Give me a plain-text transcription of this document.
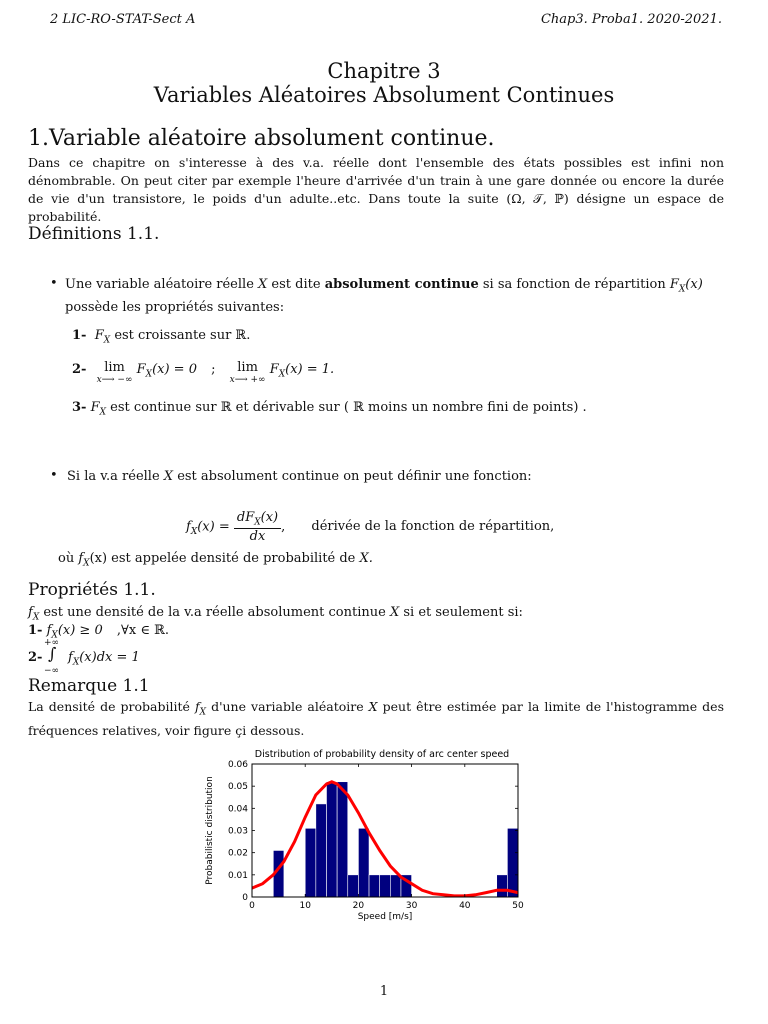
2 LIC-RO-STAT-Sect A	Chap3. Proba1. 2020-2021.
Chapitre 3
Variables Aléatoires Absolument Continues
1.Variable aléatoire absolument continue.
Dans ce chapitre on s'interesse à des v.a. réelle dont l'ensemble des états possibles est infini non dénombrable. On peut citer par exemple l'heure d'arrivée d'un train à une gare donnée ou encore la durée de vie d'un transistore, le poids d'un adulte..etc. Dans toute la suite (Ω, 𝒯, ℙ) désigne un espace de probabilité.
Définitions 1.1.
• Une variable aléatoire réelle X est dite absolument continue si sa fonction de répartition $F_X(x)$
possède les propriétés suivantes:
1- $F_X$ est croissante sur ℝ.
2- lim
x⟶ −∞
$F_X(x) = 0$ ; lim
x⟶ +∞
$F_X(x) = 1$.
3- $F_X$ est continue sur ℝ et dérivable sur ( ℝ moins un nombre fini de points) .
• Si la v.a réelle X est absolument continue on peut définir une fonction:
$f_X(x) = \frac{dF_X(x)}{dx}$ , dérivée de la fonction de répartition,
où $f_X(x)$ est appelée densité de probabilité de X.
Propriétés 1.1.
$f_X$ est une densité de la v.a réelle absolument continue X si et seulement si:
1- $f_X(x) \ge 0$ ,∀x ∈ ℝ.
2-
+∞
∫
−∞
$f_X(x)dx = 1$
Remarque 1.1
La densité de probabilité $f_X$ d'une variable aléatoire X peut être estimée par la limite de l'histogramme des fréquences relatives, voir figure çi dessous.
Distribution of probability density of arc center speed
0
0.01
0.02
0.03
0.04
0.05
0.06
0	10	20	30	40	50
Probabilistic distribution
Speed [m/s]
1
